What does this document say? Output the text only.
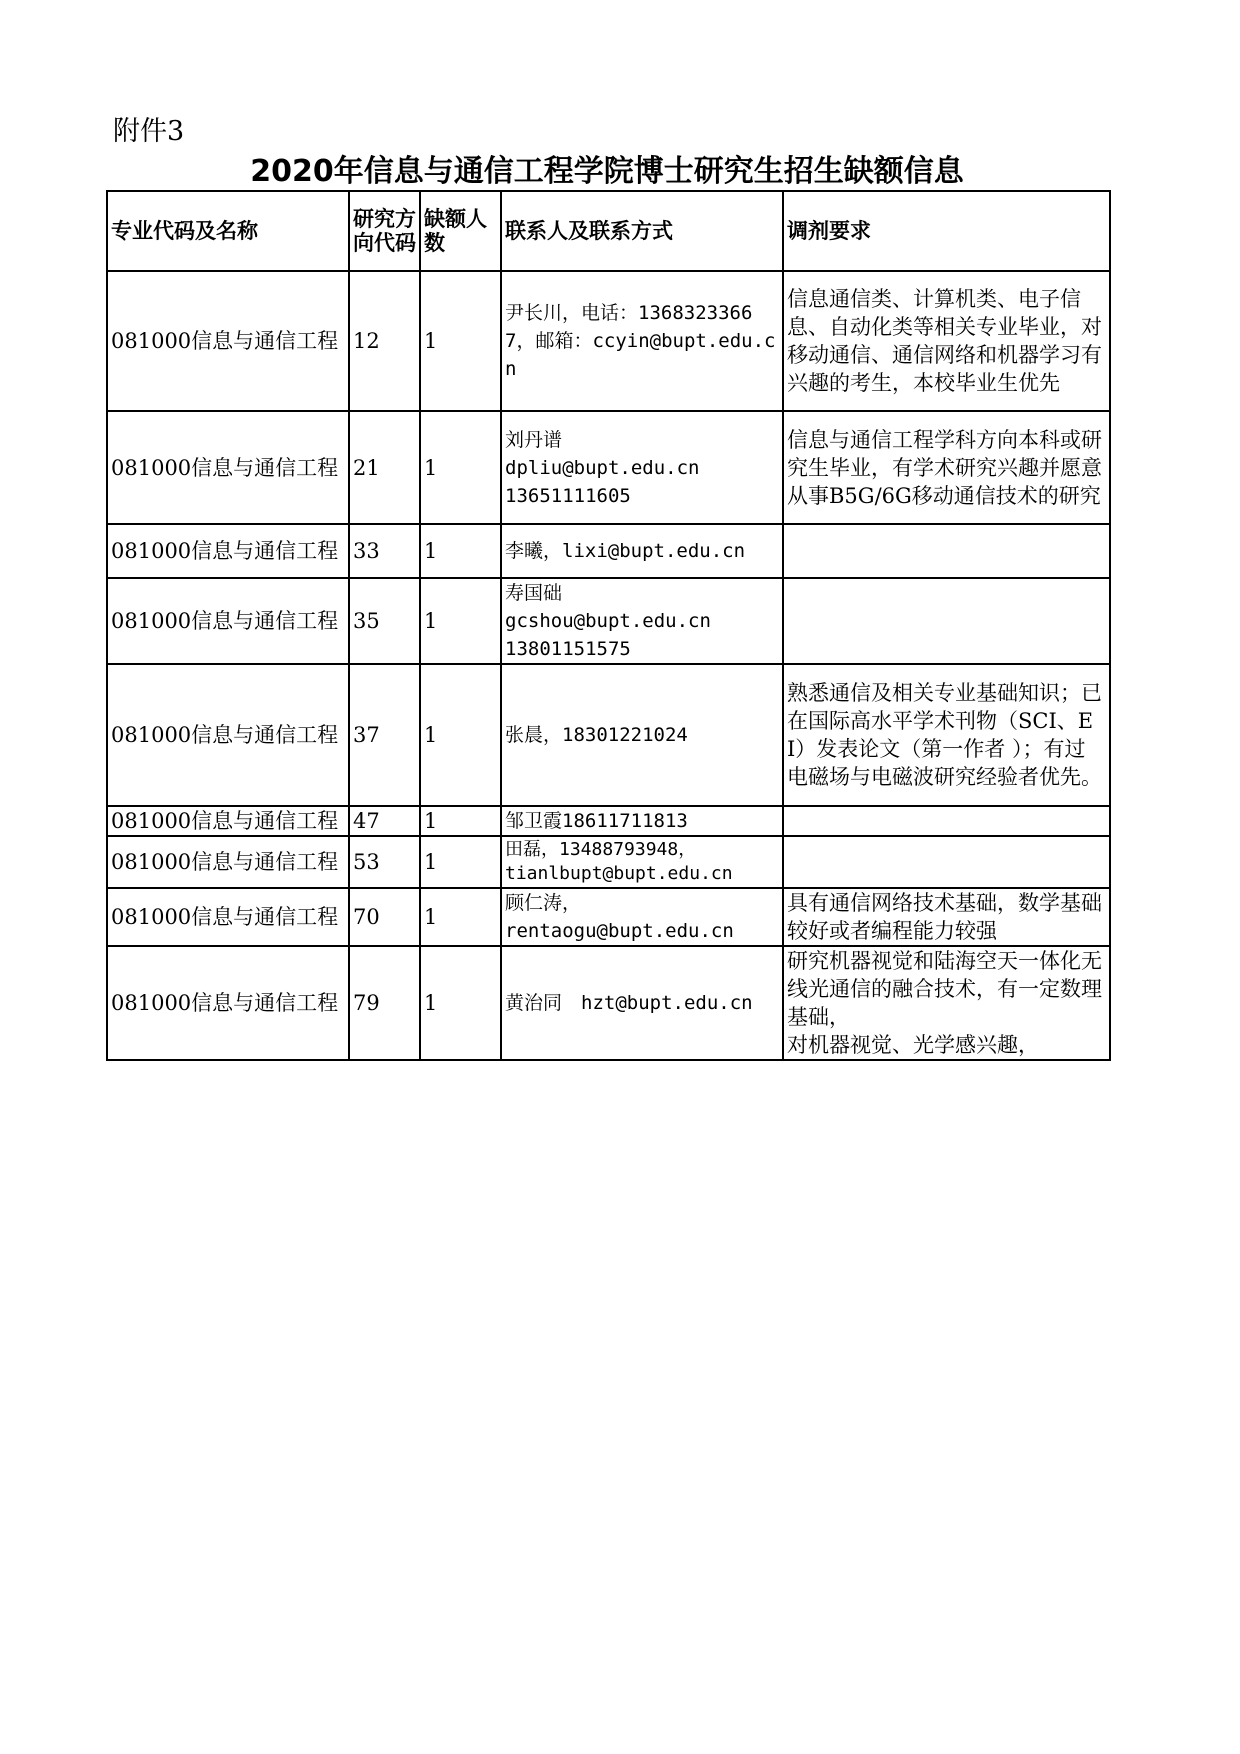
附件3
2020年信息与通信工程学院博士研究生招生缺额信息
专业代码及名称	研究方向代码	缺额人数	联系人及联系方式	调剂要求
081000信息与通信工程	12	1	尹长川，电话：13683233667，邮箱：ccyin@bupt.edu.cn	信息通信类、计算机类、电子信息、自动化类等相关专业毕业，对移动通信、通信网络和机器学习有兴趣的考生，本校毕业生优先
081000信息与通信工程	21	1	刘丹谱
dpliu@bupt.edu.cn
13651111605	信息与通信工程学科方向本科或研究生毕业，有学术研究兴趣并愿意从事B5G/6G移动通信技术的研究
081000信息与通信工程	33	1	李曦，lixi@bupt.edu.cn	
081000信息与通信工程	35	1	寿国础
gcshou@bupt.edu.cn
13801151575	
081000信息与通信工程	37	1	张晨，18301221024	熟悉通信及相关专业基础知识；已在国际高水平学术刊物（SCI、EI）发表论文（第一作者 ）；有过电磁场与电磁波研究经验者优先。
081000信息与通信工程	47	1	邹卫霞18611711813	
081000信息与通信工程	53	1	田磊，13488793948，
tianlbupt@bupt.edu.cn	
081000信息与通信工程	70	1	顾仁涛，
rentaogu@bupt.edu.cn	具有通信网络技术基础，数学基础较好或者编程能力较强
081000信息与通信工程	79	1	黄治同　hzt@bupt.edu.cn	研究机器视觉和陆海空天一体化无线光通信的融合技术，有一定数理基础，
对机器视觉、光学感兴趣，
